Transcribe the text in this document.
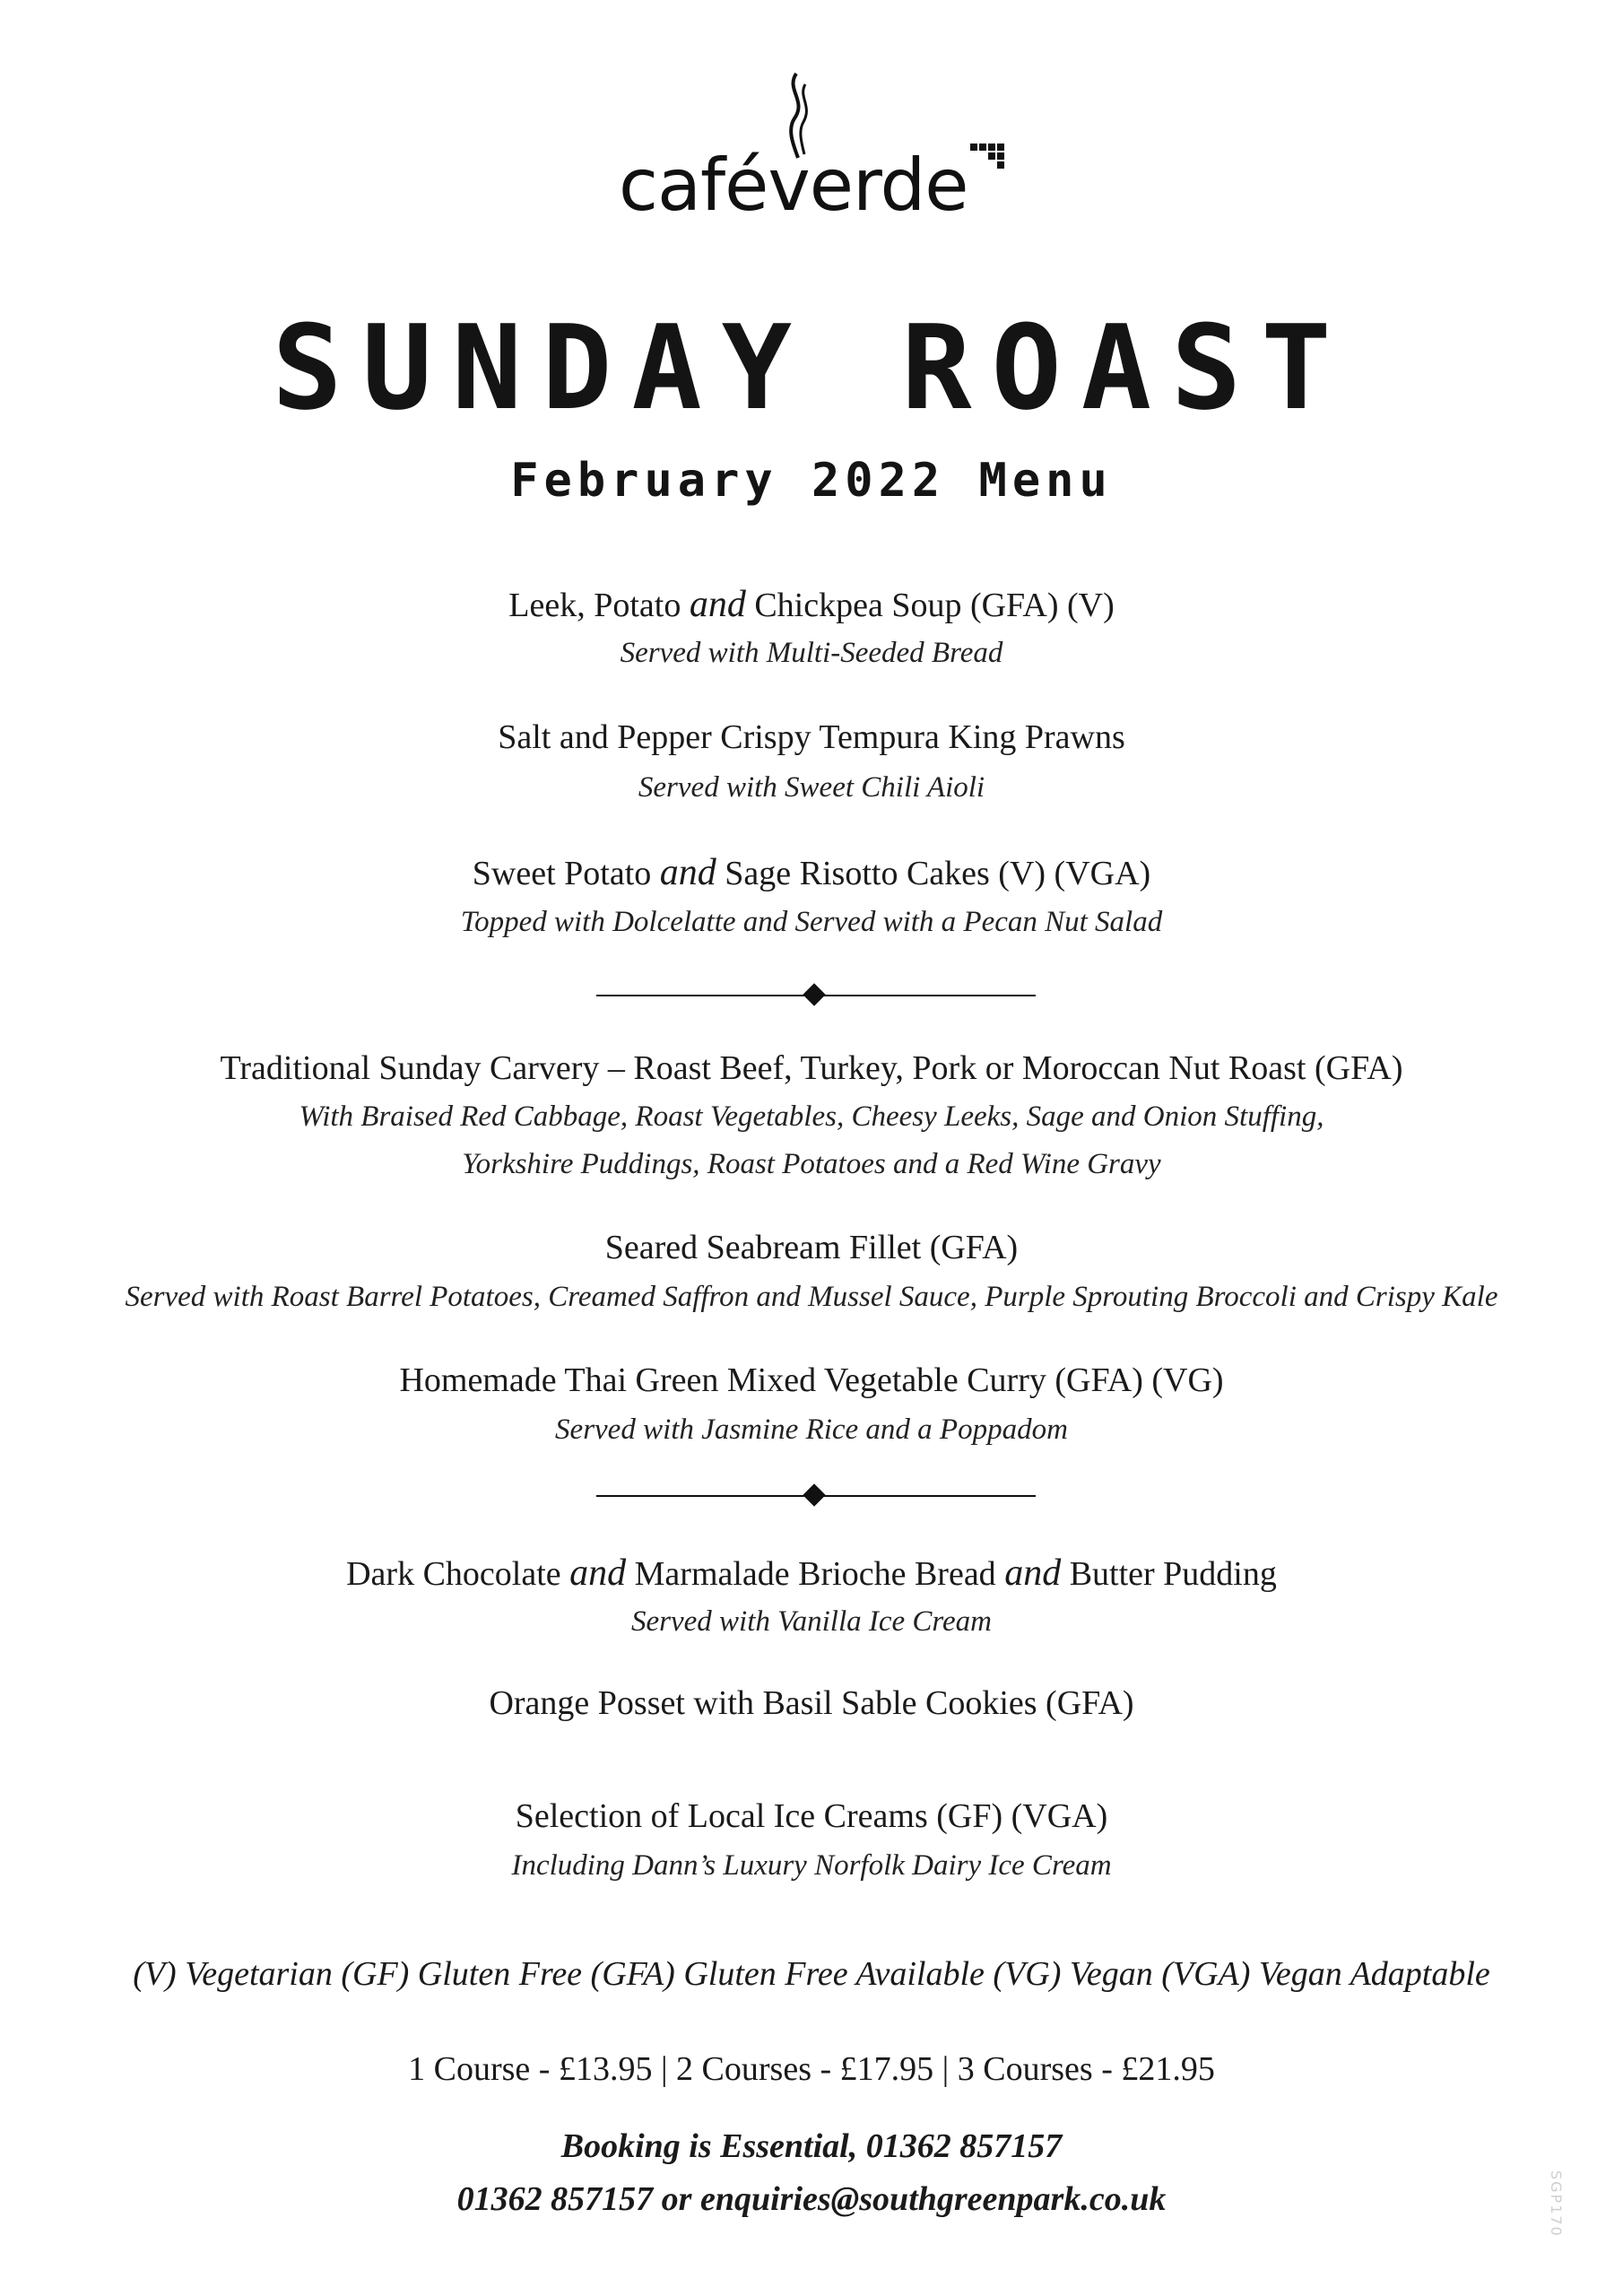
caféverde
SUNDAY ROAST
February 2022 Menu
Leek, Potato and Chickpea Soup (GFA) (V)
Served with Multi-Seeded Bread
Salt and Pepper Crispy Tempura King Prawns
Served with Sweet Chili Aioli
Sweet Potato and Sage Risotto Cakes (V) (VGA)
Topped with Dolcelatte and Served with a Pecan Nut Salad
Traditional Sunday Carvery – Roast Beef, Turkey, Pork or Moroccan Nut Roast (GFA)
With Braised Red Cabbage, Roast Vegetables, Cheesy Leeks, Sage and Onion Stuffing,
Yorkshire Puddings, Roast Potatoes and a Red Wine Gravy
Seared Seabream Fillet (GFA)
Served with Roast Barrel Potatoes, Creamed Saffron and Mussel Sauce, Purple Sprouting Broccoli and Crispy Kale
Homemade Thai Green Mixed Vegetable Curry (GFA) (VG)
Served with Jasmine Rice and a Poppadom
Dark Chocolate and Marmalade Brioche Bread and Butter Pudding
Served with Vanilla Ice Cream
Orange Posset with Basil Sable Cookies (GFA)
Selection of Local Ice Creams (GF) (VGA)
Including Dann’s Luxury Norfolk Dairy Ice Cream
(V) Vegetarian (GF) Gluten Free (GFA) Gluten Free Available (VG) Vegan (VGA) Vegan Adaptable
1 Course - £13.95 | 2 Courses - £17.95 | 3 Courses - £21.95
Booking is Essential, 01362 857157
01362 857157 or enquiries@southgreenpark.co.uk	SGP170
